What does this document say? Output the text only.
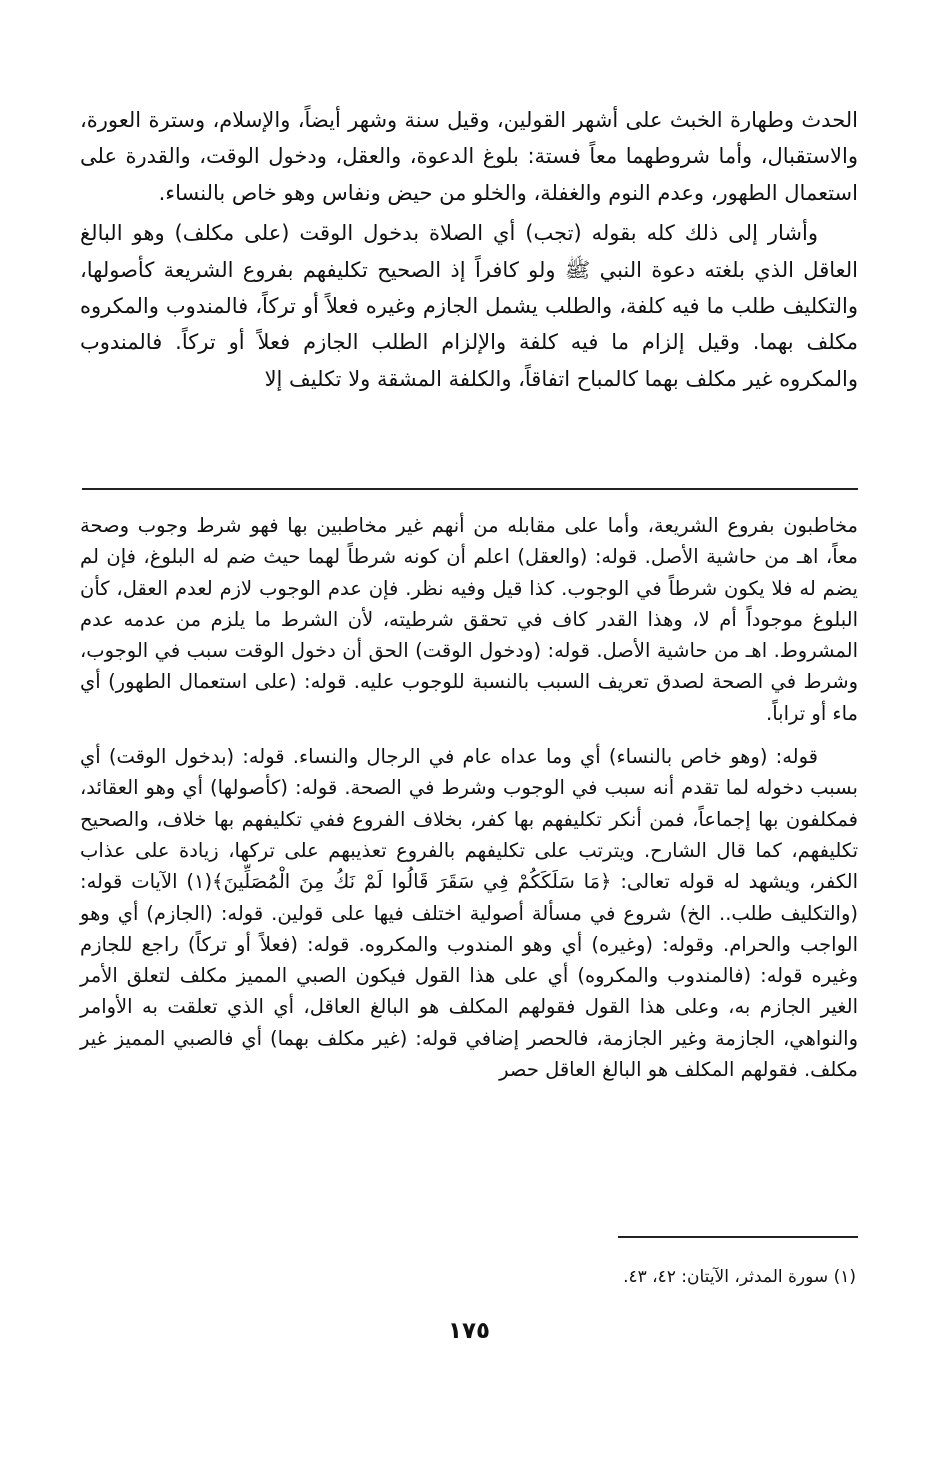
الحدث وطهارة الخبث على أشهر القولين، وقيل سنة وشهر أيضاً، والإسلام، وسترة العورة، والاستقبال، وأما شروطهما معاً فستة: بلوغ الدعوة، والعقل، ودخول الوقت، والقدرة على استعمال الطهور، وعدم النوم والغفلة، والخلو من حيض ونفاس وهو خاص بالنساء.

وأشار إلى ذلك كله بقوله (تجب) أي الصلاة بدخول الوقت (على مكلف) وهو البالغ العاقل الذي بلغته دعوة النبي ﷺ ولو كافراً إذ الصحيح تكليفهم بفروع الشريعة كأصولها، والتكليف طلب ما فيه كلفة، والطلب يشمل الجازم وغيره فعلاً أو تركاً، فالمندوب والمكروه مكلف بهما. وقيل إلزام ما فيه كلفة والإلزام الطلب الجازم فعلاً أو تركاً. فالمندوب والمكروه غير مكلف بهما كالمباح اتفاقاً، والكلفة المشقة ولا تكليف إلا

مخاطبون بفروع الشريعة، وأما على مقابله من أنهم غير مخاطبين بها فهو شرط وجوب وصحة معاً، اهـ من حاشية الأصل. قوله: (والعقل) اعلم أن كونه شرطاً لهما حيث ضم له البلوغ، فإن لم يضم له فلا يكون شرطاً في الوجوب. كذا قيل وفيه نظر. فإن عدم الوجوب لازم لعدم العقل، كأن البلوغ موجوداً أم لا، وهذا القدر كاف في تحقق شرطيته، لأن الشرط ما يلزم من عدمه عدم المشروط. اهـ من حاشية الأصل. قوله: (ودخول الوقت) الحق أن دخول الوقت سبب في الوجوب، وشرط في الصحة لصدق تعريف السبب بالنسبة للوجوب عليه. قوله: (على استعمال الطهور) أي ماء أو تراباً.

قوله: (وهو خاص بالنساء) أي وما عداه عام في الرجال والنساء. قوله: (بدخول الوقت) أي بسبب دخوله لما تقدم أنه سبب في الوجوب وشرط في الصحة. قوله: (كأصولها) أي وهو العقائد، فمكلفون بها إجماعاً، فمن أنكر تكليفهم بها كفر، بخلاف الفروع ففي تكليفهم بها خلاف، والصحيح تكليفهم، كما قال الشارح. ويترتب على تكليفهم بالفروع تعذيبهم على تركها، زيادة على عذاب الكفر، ويشهد له قوله تعالى: ﴿مَا سَلَكَكُمْ فِي سَقَرَ قَالُوا لَمْ نَكُ مِنَ الْمُصَلِّينَ﴾(١) الآيات قوله: (والتكليف طلب.. الخ) شروع في مسألة أصولية اختلف فيها على قولين. قوله: (الجازم) أي وهو الواجب والحرام. وقوله: (وغيره) أي وهو المندوب والمكروه. قوله: (فعلاً أو تركاً) راجع للجازم وغيره قوله: (فالمندوب والمكروه) أي على هذا القول فيكون الصبي المميز مكلف لتعلق الأمر الغير الجازم به، وعلى هذا القول فقولهم المكلف هو البالغ العاقل، أي الذي تعلقت به الأوامر والنواهي، الجازمة وغير الجازمة، فالحصر إضافي قوله: (غير مكلف بهما) أي فالصبي المميز غير مكلف. فقولهم المكلف هو البالغ العاقل حصر

(١) سورة المدثر، الآيتان: ٤٢، ٤٣.
١٧٥
